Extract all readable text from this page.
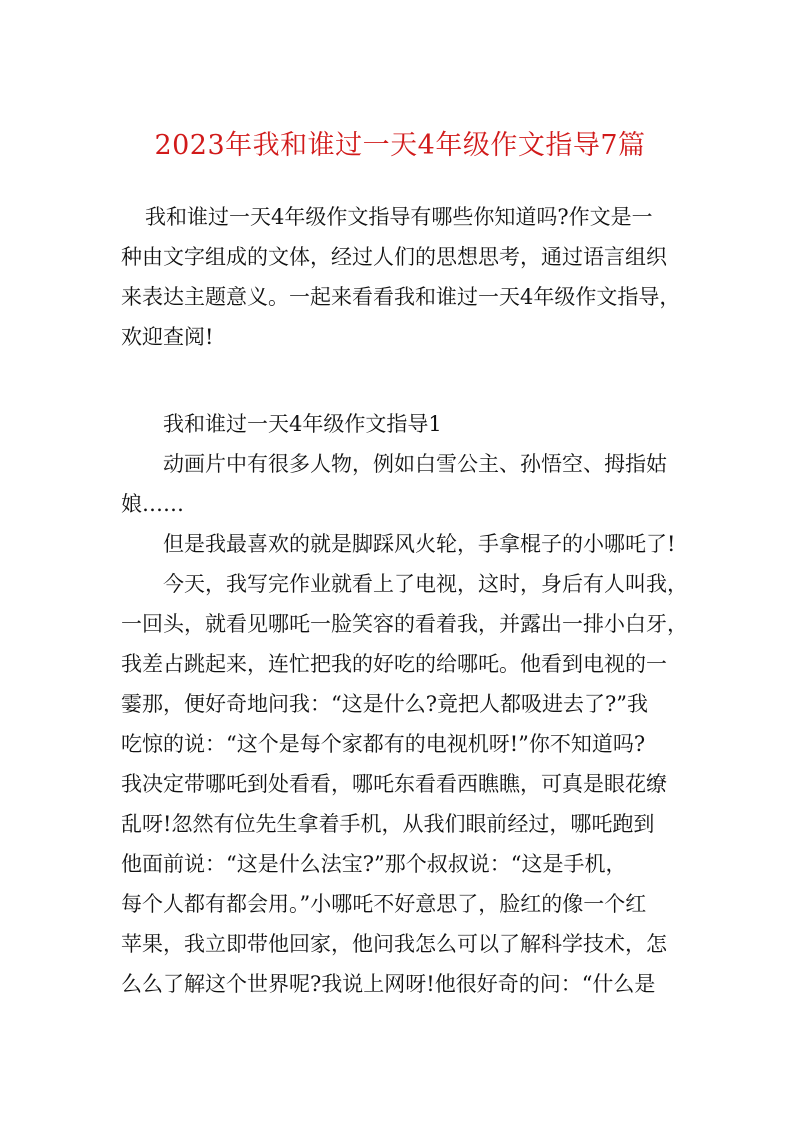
2023年我和谁过一天4年级作文指导7篇
我和谁过一天4年级作文指导有哪些你知道吗?作文是一
种由文字组成的文体，经过人们的思想思考，通过语言组织
来表达主题意义。一起来看看我和谁过一天4年级作文指导，
欢迎查阅!
我和谁过一天4年级作文指导1
动画片中有很多人物，例如白雪公主、孙悟空、拇指姑
娘……
但是我最喜欢的就是脚踩风火轮，手拿棍子的小哪吒了!
今天，我写完作业就看上了电视，这时，身后有人叫我，
一回头，就看见哪吒一脸笑容的看着我，并露出一排小白牙，
我差占跳起来，连忙把我的好吃的给哪吒。他看到电视的一
霎那，便好奇地问我：“这是什么?竟把人都吸进去了?”我
吃惊的说：“这个是每个家都有的电视机呀!”你不知道吗?
我决定带哪吒到处看看，哪吒东看看西瞧瞧，可真是眼花缭
乱呀!忽然有位先生拿着手机，从我们眼前经过，哪吒跑到
他面前说：“这是什么法宝?”那个叔叔说：“这是手机，
每个人都有都会用。”小哪吒不好意思了，脸红的像一个红
苹果，我立即带他回家，他问我怎么可以了解科学技术，怎
么么了解这个世界呢?我说上网呀!他很好奇的问：“什么是
